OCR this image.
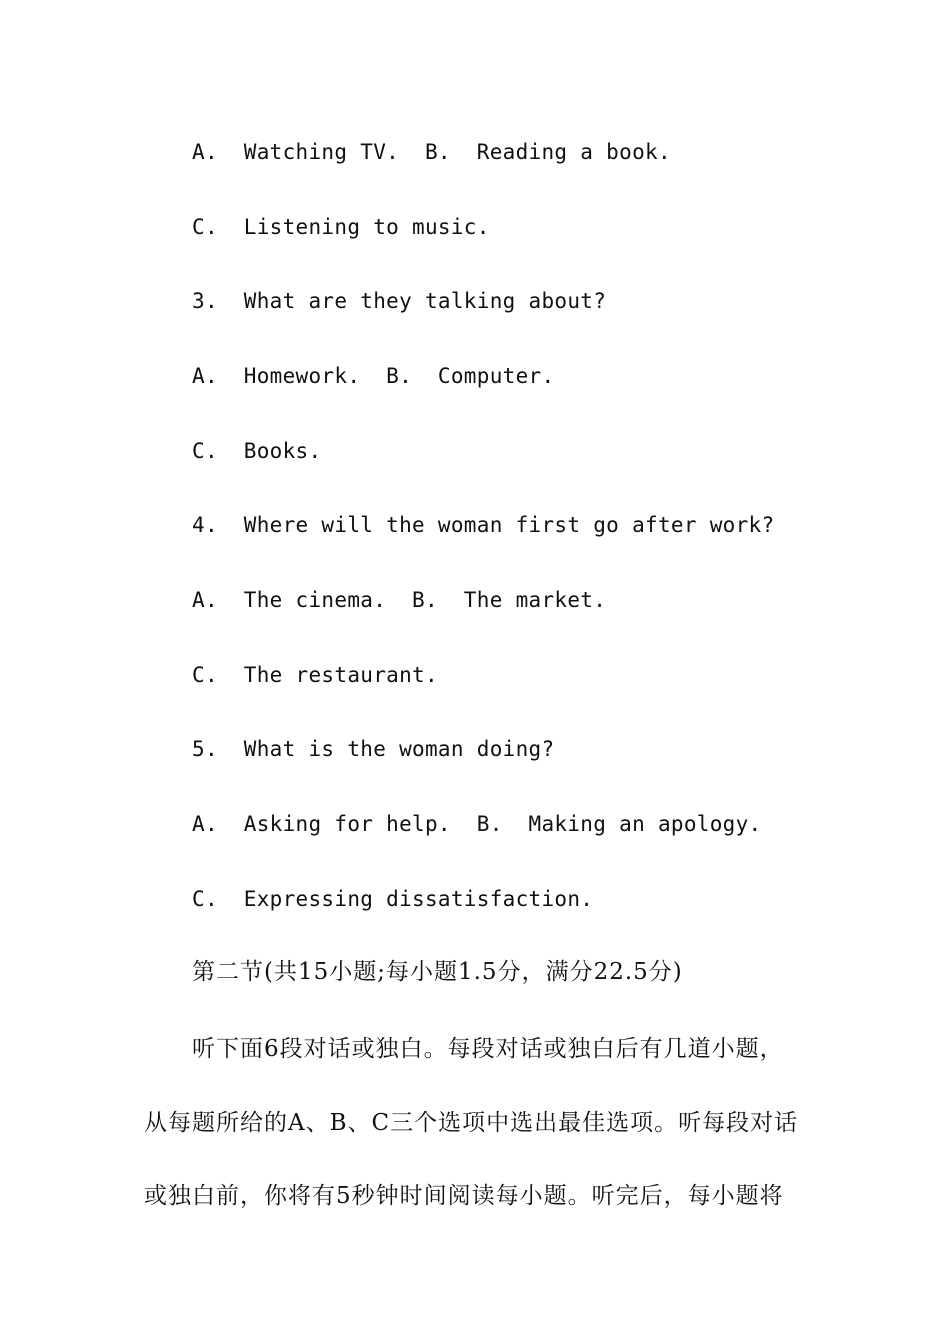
A.  Watching TV.  B.  Reading a book.
C.  Listening to music.
3.  What are they talking about?
A.  Homework.  B.  Computer.
C.  Books.
4.  Where will the woman first go after work?
A.  The cinema.  B.  The market.
C.  The restaurant.
5.  What is the woman doing?
A.  Asking for help.  B.  Making an apology.
C.  Expressing dissatisfaction.
第二节(共15小题;每小题1.5分，满分22.5分)
听下面6段对话或独白。每段对话或独白后有几道小题，
从每题所给的A、B、C三个选项中选出最佳选项。听每段对话
或独白前，你将有5秒钟时间阅读每小题。听完后，每小题将
